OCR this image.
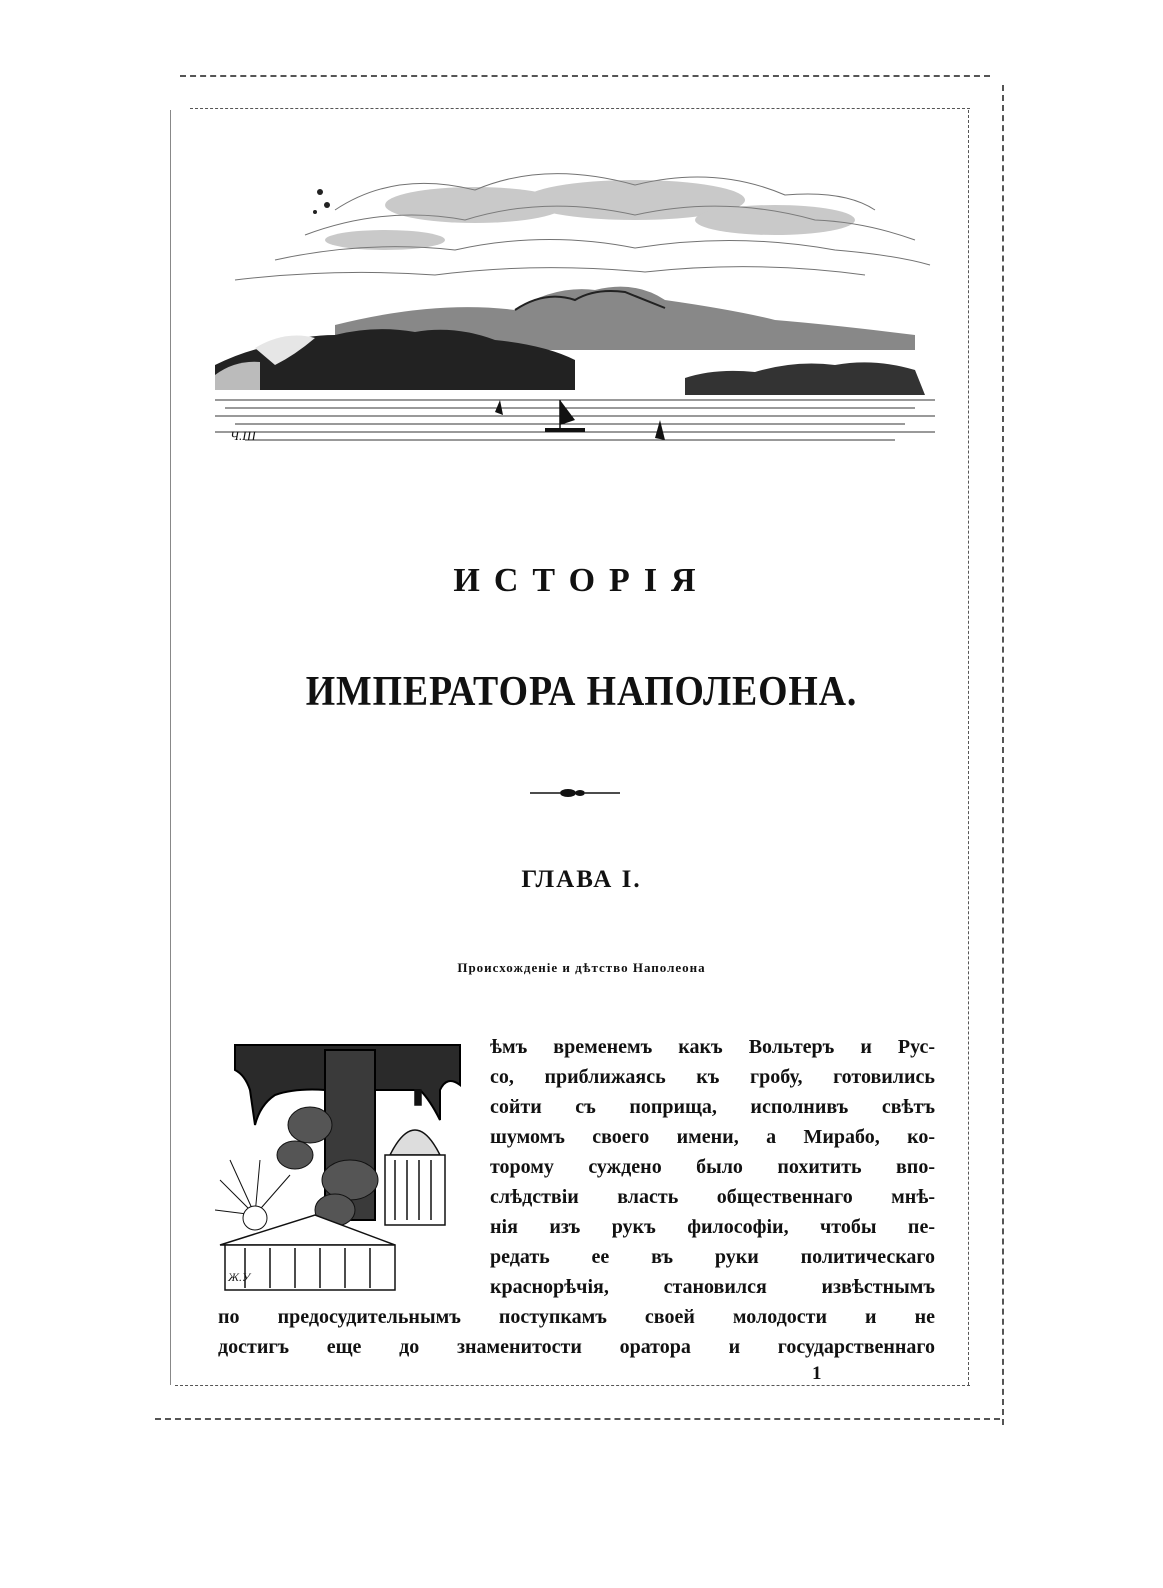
Ч.Ш
ИСТОРІЯ
ИМПЕРАТОРА НАПОЛЕОНА.
ГЛАВА I.
Происхожденіе и дѣтство Наполеона
Ж.У
ѣмъ временемъ какъ Вольтеръ и Рус-
со, приближаясь къ гробу, готовились
сойти съ поприща, исполнивъ свѣтъ
шумомъ своего имени, а Мирабо, ко-
торому суждено было похитить впо-
слѣдствіи власть общественнаго мнѣ-
нія изъ рукъ философіи, чтобы пе-
редать ее въ руки политическаго
краснорѣчія, становился извѣстнымъ
по предосудительнымъ поступкамъ своей молодости и не
достигъ еще до знаменитости оратора и государственнаго
1
